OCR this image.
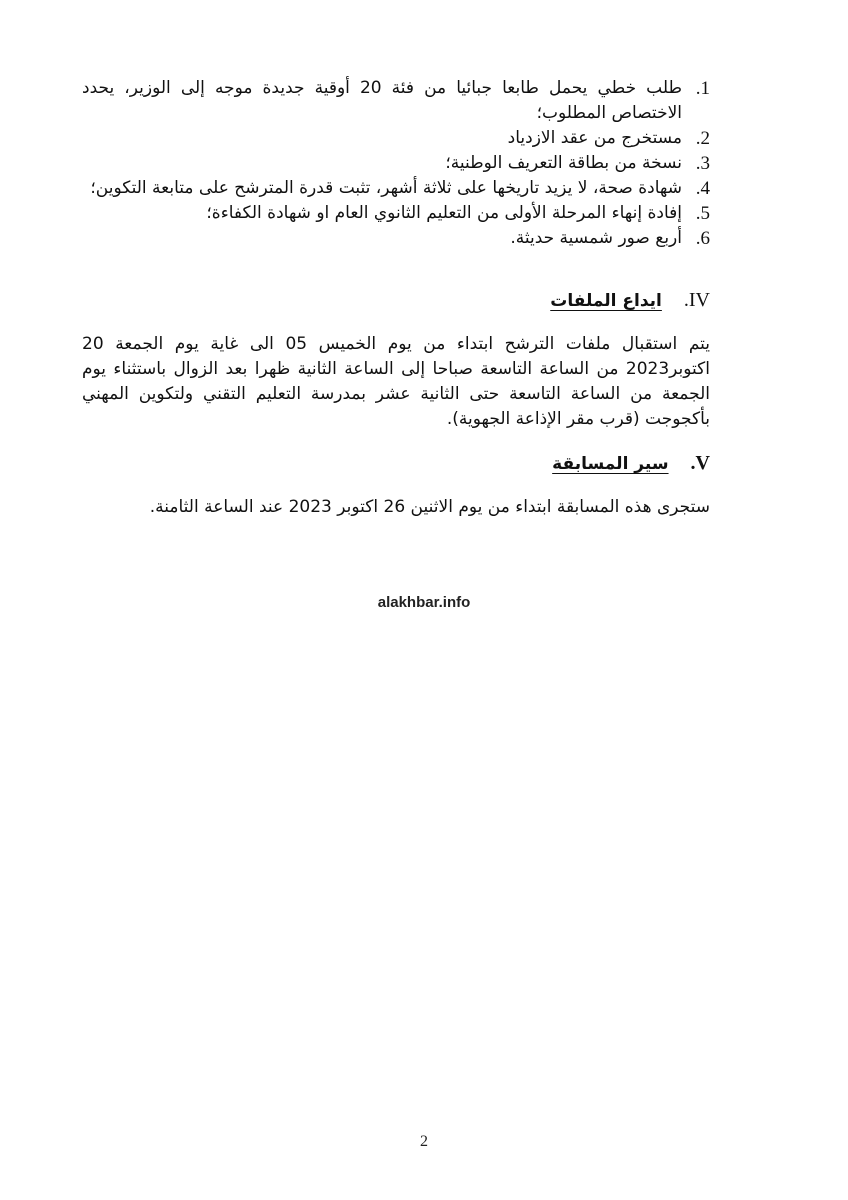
.1
طلب خطي يحمل طابعا جبائيا من فئة 20 أوقية جديدة موجه إلى الوزير، يحدد الاختصاص المطلوب؛
.2
مستخرج من عقد الازدياد
.3
نسخة من بطاقة التعريف الوطنية؛
.4
شهادة صحة، لا يزيد تاريخها على ثلاثة أشهر، تثبت قدرة المترشح على متابعة التكوين؛
.5
إفادة إنهاء المرحلة الأولى من التعليم الثانوي العام او شهادة الكفاءة؛
.6
أربع صور شمسية حديثة.
.IV
ايداع الملفات

يتم استقبال ملفات الترشح ابتداء من يوم الخميس 05 الى غاية يوم الجمعة 20 اكتوبر2023 من الساعة التاسعة صباحا إلى الساعة الثانية ظهرا بعد الزوال باستثناء يوم الجمعة من الساعة التاسعة حتى الثانية عشر بمدرسة التعليم التقني ولتكوين المهني بأكجوجت (قرب مقر الإذاعة الجهوية).

.V
سير المسابقة

ستجرى هذه المسابقة ابتداء من يوم الاثنين 26 اكتوبر 2023 عند الساعة الثامنة.

alakhbar.info
2
